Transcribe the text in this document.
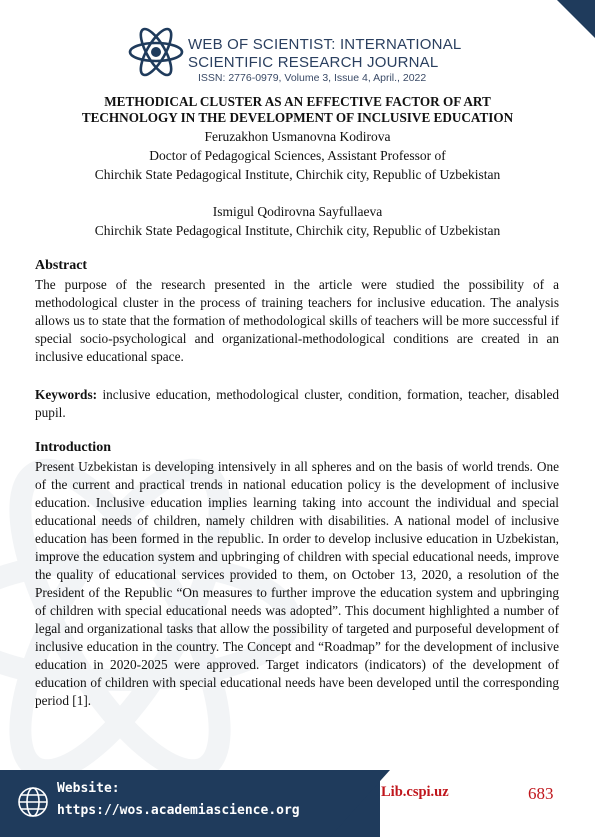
WEB OF SCIENTIST: INTERNATIONAL
SCIENTIFIC RESEARCH JOURNAL
ISSN: 2776-0979, Volume 3, Issue 4, April., 2022
METHODICAL CLUSTER AS AN EFFECTIVE FACTOR OF ART
TECHNOLOGY IN THE DEVELOPMENT OF INCLUSIVE EDUCATION
Feruzakhon Usmanovna Kodirova
Doctor of Pedagogical Sciences, Assistant Professor of
Chirchik State Pedagogical Institute, Chirchik city, Republic of Uzbekistan
Ismigul Qodirovna Sayfullaeva
Chirchik State Pedagogical Institute, Chirchik city, Republic of Uzbekistan
Abstract
The purpose of the research presented in the article were studied the possibility of a methodological cluster in the process of training teachers for inclusive education. The analysis allows us to state that the formation of methodological skills of teachers will be more successful if special socio-psychological and organizational-methodological conditions are created in an inclusive educational space.
Keywords: inclusive education, methodological cluster, condition, formation, teacher, disabled pupil.
Introduction
Present Uzbekistan is developing intensively in all spheres and on the basis of world trends. One of the current and practical trends in national education policy is the development of inclusive education. Inclusive education implies learning taking into account the individual and special educational needs of children, namely children with disabilities. A national model of inclusive education has been formed in the republic. In order to develop inclusive education in Uzbekistan, improve the education system and upbringing of children with special educational needs, improve the quality of educational services provided to them, on October 13, 2020, a resolution of the President of the Republic “On measures to further improve the education system and upbringing of children with special educational needs was adopted”. This document highlighted a number of legal and organizational tasks that allow the possibility of targeted and purposeful development of inclusive education in the country. The Concept and “Roadmap” for the development of inclusive education in 2020-2025 were approved. Target indicators (indicators) of the development of education of children with special educational needs have been developed until the corresponding period [1].
Website:
https://wos.academiascience.org
Lib.cspi.uz	683
